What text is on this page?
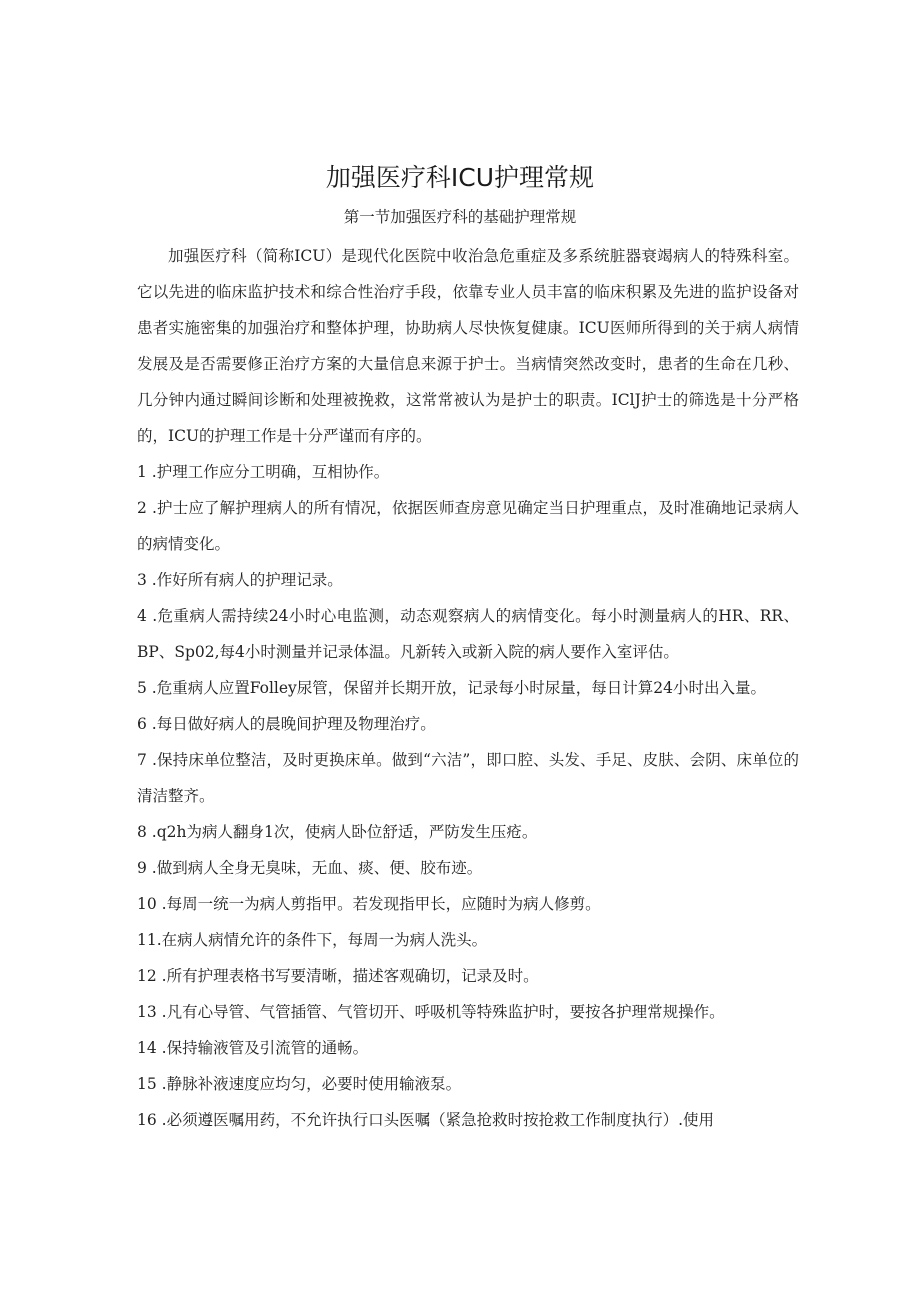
加强医疗科ICU护理常规
第一节加强医疗科的基础护理常规

加强医疗科（简称ICU）是现代化医院中收治急危重症及多系统脏器衰竭病人的特殊科室。它以先进的临床监护技术和综合性治疗手段，依靠专业人员丰富的临床积累及先进的监护设备对患者实施密集的加强治疗和整体护理，协助病人尽快恢复健康。ICU医师所得到的关于病人病情发展及是否需要修正治疗方案的大量信息来源于护士。当病情突然改变时，患者的生命在几秒、几分钟内通过瞬间诊断和处理被挽救，这常常被认为是护士的职责。IClJ护士的筛选是十分严格的，ICU的护理工作是十分严谨而有序的。

1 .护理工作应分工明确，互相协作。

2 .护士应了解护理病人的所有情况，依据医师查房意见确定当日护理重点，及时准确地记录病人的病情变化。

3 .作好所有病人的护理记录。

4 .危重病人需持续24小时心电监测，动态观察病人的病情变化。每小时测量病人的HR、RR、BP、Sp02,每4小时测量并记录体温。凡新转入或新入院的病人要作入室评估。

5 .危重病人应置Folley尿管，保留并长期开放，记录每小时尿量，每日计算24小时出入量。

6 .每日做好病人的晨晚间护理及物理治疗。

7 .保持床单位整洁，及时更换床单。做到“六洁”，即口腔、头发、手足、皮肤、会阴、床单位的清洁整齐。

8 .q2h为病人翻身1次，使病人卧位舒适，严防发生压疮。

9 .做到病人全身无臭味，无血、痰、便、胶布迹。

10 .每周一统一为病人剪指甲。若发现指甲长，应随时为病人修剪。

11.在病人病情允许的条件下，每周一为病人洗头。

12 .所有护理表格书写要清晰，描述客观确切，记录及时。

13 .凡有心导管、气管插管、气管切开、呼吸机等特殊监护时，要按各护理常规操作。

14 .保持输液管及引流管的通畅。

15 .静脉补液速度应均匀，必要时使用输液泵。

16 .必须遵医嘱用药，不允许执行口头医嘱（紧急抢救时按抢救工作制度执行）.使用
